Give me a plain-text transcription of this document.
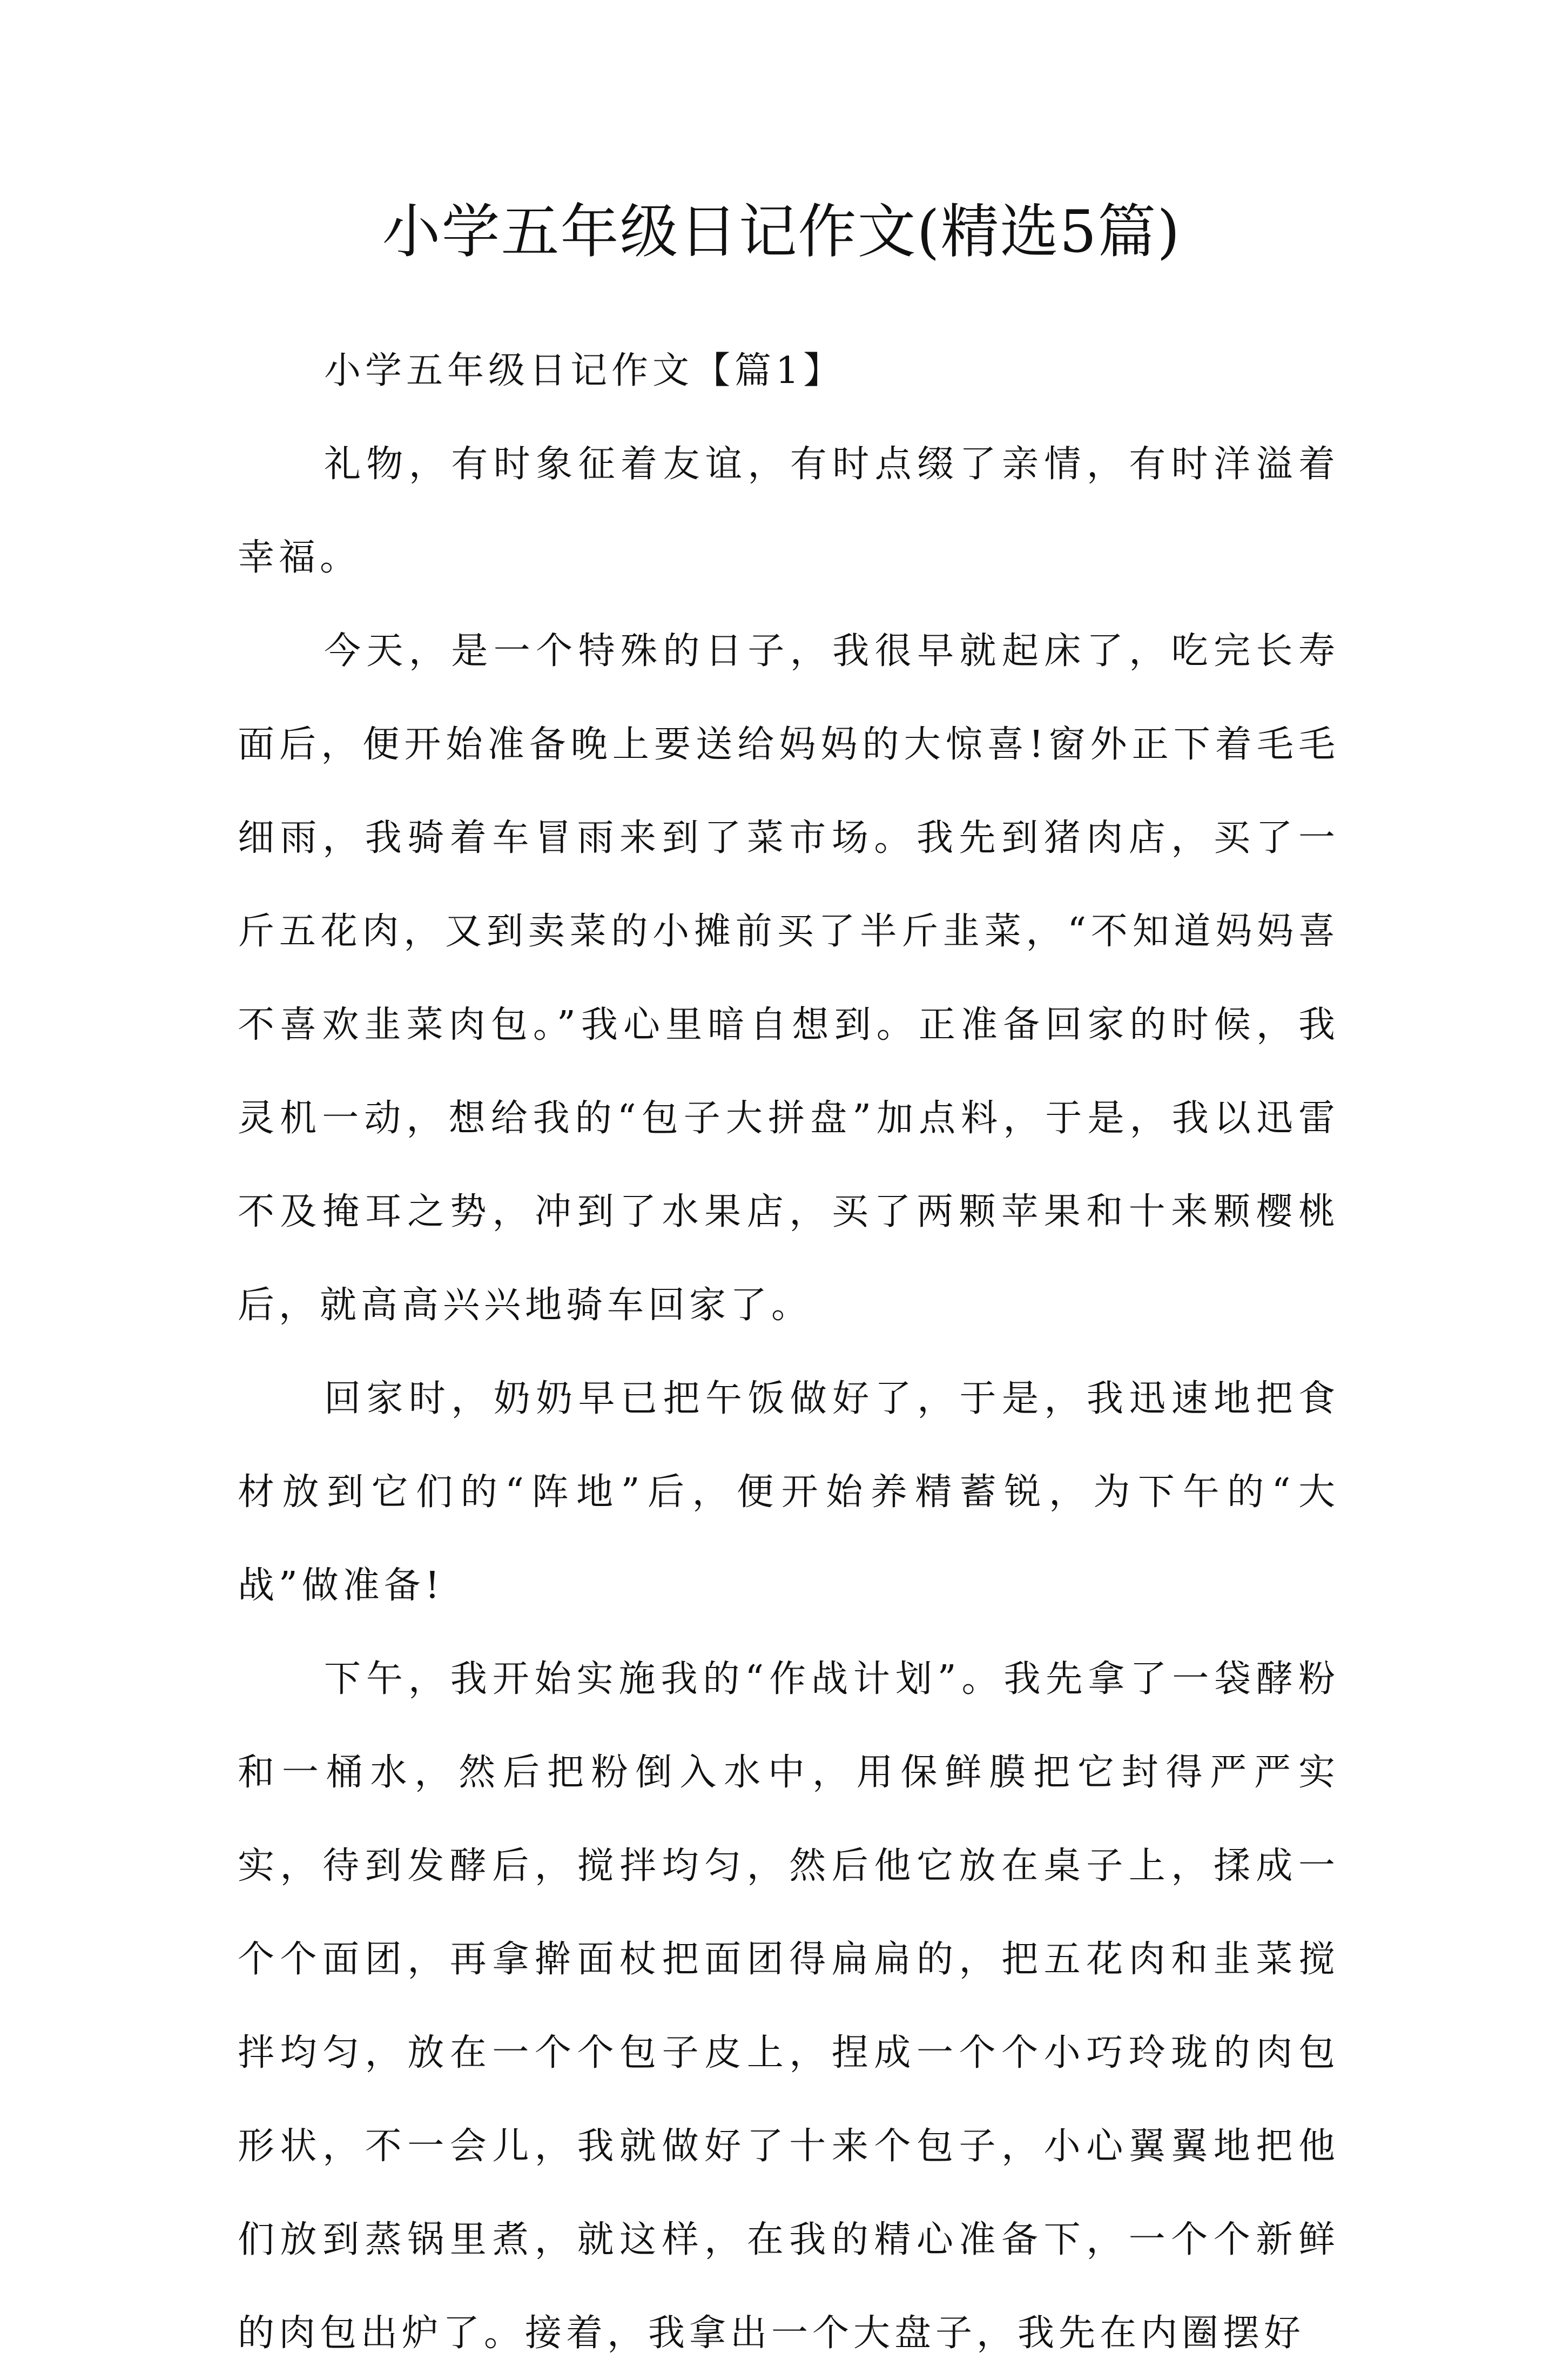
小学五年级日记作文(精选5篇)

小学五年级日记作文【篇1】

礼物，有时象征着友谊，有时点缀了亲情，有时洋溢着幸福。

今天，是一个特殊的日子，我很早就起床了，吃完长寿面后，便开始准备晚上要送给妈妈的大惊喜!窗外正下着毛毛细雨，我骑着车冒雨来到了菜市场。我先到猪肉店，买了一斤五花肉，又到卖菜的小摊前买了半斤韭菜，“不知道妈妈喜不喜欢韭菜肉包。”我心里暗自想到。正准备回家的时候，我灵机一动，想给我的“包子大拼盘”加点料，于是，我以迅雷不及掩耳之势，冲到了水果店，买了两颗苹果和十来颗樱桃后，就高高兴兴地骑车回家了。

回家时，奶奶早已把午饭做好了，于是，我迅速地把食材放到它们的“阵地”后，便开始养精蓄锐，为下午的“大战”做准备!

下午，我开始实施我的“作战计划”。我先拿了一袋酵粉和一桶水，然后把粉倒入水中，用保鲜膜把它封得严严实实，待到发酵后，搅拌均匀，然后他它放在桌子上，揉成一个个面团，再拿擀面杖把面团得扁扁的，把五花肉和韭菜搅拌均匀，放在一个个包子皮上，捏成一个个小巧玲珑的肉包形状，不一会儿，我就做好了十来个包子，小心翼翼地把他们放到蒸锅里煮，就这样，在我的精心准备下，一个个新鲜的肉包出炉了。接着，我拿出一个大盘子，我先在内圈摆好
